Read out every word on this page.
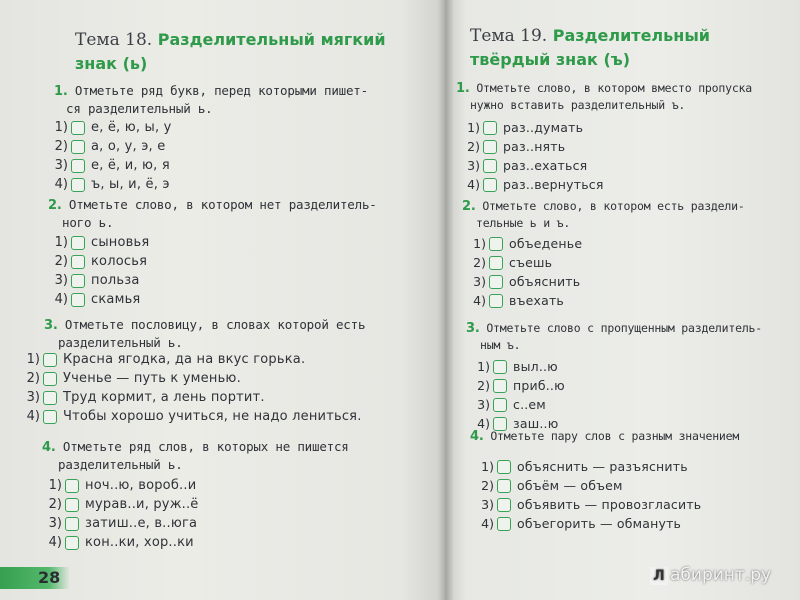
Тема 18. Разделительный мягкий
знак (ь)
1. Отметьте ряд букв, перед которыми пишет-
ся разделительный ь.
1) е, ё, ю, ы, у
2) а, о, у, э, е
3) е, ё, и, ю, я
4) ъ, ы, и, ё, э
2. Отметьте слово, в котором нет разделитель-
ного ь.
1) сыновья
2) колосья
3) польза
4) скамья
3. Отметьте пословицу, в словах которой есть
разделительный ь.
1) Красна ягодка, да на вкус горька.
2) Ученье — путь к уменью.
3) Труд кормит, а лень портит.
4) Чтобы хорошо учиться, не надо лениться.
4. Отметьте ряд слов, в которых не пишется
разделительный ь.
1) ноч..ю, вороб..и
2) мурав..и, руж..ё
3) затиш..е, в..юга
4) кон..ки, хор..ки
28
Тема 19. Разделительный
твёрдый знак (ъ)
1. Отметьте слово, в котором вместо пропуска
нужно вставить разделительный ъ.
1) раз..думать
2) раз..нять
3) раз..ехаться
4) раз..вернуться
2. Отметьте слово, в котором есть раздели-
тельные ь и ъ.
1) объеденье
2) съешь
3) объяснить
4) въехать
3. Отметьте слово с пропущенным разделитель-
ным ъ.
1) выл..ю
2) приб..ю
3) с..ем
4) заш..ю
4. Отметьте пару слов с разным значением
1) объяснить — разъяснить
2) объём — объем
3) объявить — провозгласить
4) объегорить — обмануть
Л абиринт.ру
